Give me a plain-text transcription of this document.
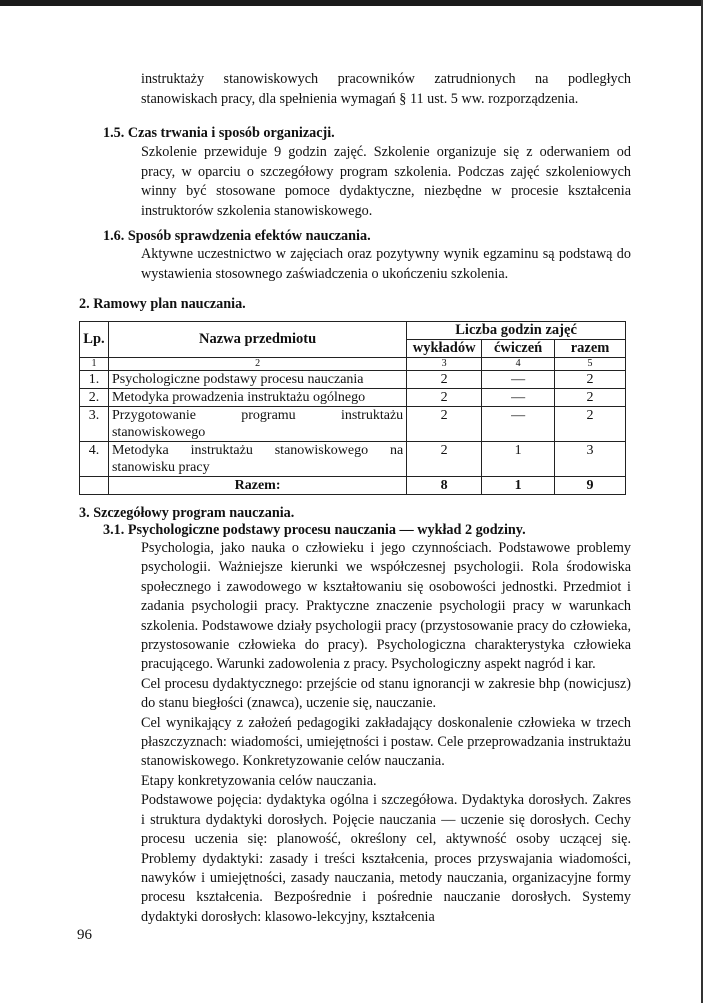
instruktaży stanowiskowych pracowników zatrudnionych na podległych stanowiskach pracy, dla spełnienia wymagań § 11 ust. 5 ww. rozporządzenia.
1.5. Czas trwania i sposób organizacji.
Szkolenie przewiduje 9 godzin zajęć. Szkolenie organizuje się z oderwaniem od pracy, w oparciu o szczegółowy program szkolenia. Podczas zajęć szkoleniowych winny być stosowane pomoce dydaktyczne, niezbędne w procesie kształcenia instruktorów szkolenia stanowiskowego.
1.6. Sposób sprawdzenia efektów nauczania.
Aktywne uczestnictwo w zajęciach oraz pozytywny wynik egzaminu są podstawą do wystawienia stosownego zaświadczenia o ukończeniu szkolenia.
2. Ramowy plan nauczania.
Lp.	Nazwa przedmiotu	Liczba godzin zajęć		
		wykładów	ćwiczeń	razem
1	2	3	4	5
1.	Psychologiczne podstawy procesu nauczania	2	—	2
2.	Metodyka prowadzenia instruktażu ogólnego	2	—	2
3.	Przygotowanie programu instruktażu stanowiskowego	2	—	2
4.	Metodyka instruktażu stanowiskowego na stanowisku pracy	2	1	3
	Razem:	8	1	9
3. Szczegółowy program nauczania.
3.1. Psychologiczne podstawy procesu nauczania — wykład 2 godziny.

Psychologia, jako nauka o człowieku i jego czynnościach. Podstawowe problemy psychologii. Ważniejsze kierunki we współczesnej psychologii. Rola środowiska społecznego i zawodowego w kształtowaniu się osobowości jednostki. Przedmiot i zadania psychologii pracy. Praktyczne znaczenie psychologii pracy w warunkach szkolenia. Podstawowe działy psychologii pracy (przystosowanie pracy do człowieka, przystosowanie człowieka do pracy). Psychologiczna charakterystyka człowieka pracującego. Warunki zadowolenia z pracy. Psychologiczny aspekt nagród i kar.

Cel procesu dydaktycznego: przejście od stanu ignorancji w zakresie bhp (nowicjusz) do stanu biegłości (znawca), uczenie się, nauczanie.

Cel wynikający z założeń pedagogiki zakładający doskonalenie człowieka w trzech płaszczyznach: wiadomości, umiejętności i postaw. Cele przeprowadzania instruktażu stanowiskowego. Konkretyzowanie celów nauczania.

Etapy konkretyzowania celów nauczania.

Podstawowe pojęcia: dydaktyka ogólna i szczegółowa. Dydaktyka dorosłych. Zakres i struktura dydaktyki dorosłych. Pojęcie nauczania — uczenie się dorosłych. Cechy procesu uczenia się: planowość, określony cel, aktywność osoby uczącej się. Problemy dydaktyki: zasady i treści kształcenia, proces przyswajania wiadomości, nawyków i umiejętności, zasady nauczania, metody nauczania, organizacyjne formy procesu kształcenia. Bezpośrednie i pośrednie nauczanie dorosłych. Systemy dydaktyki dorosłych: klasowo-lekcyjny, kształcenia

96
